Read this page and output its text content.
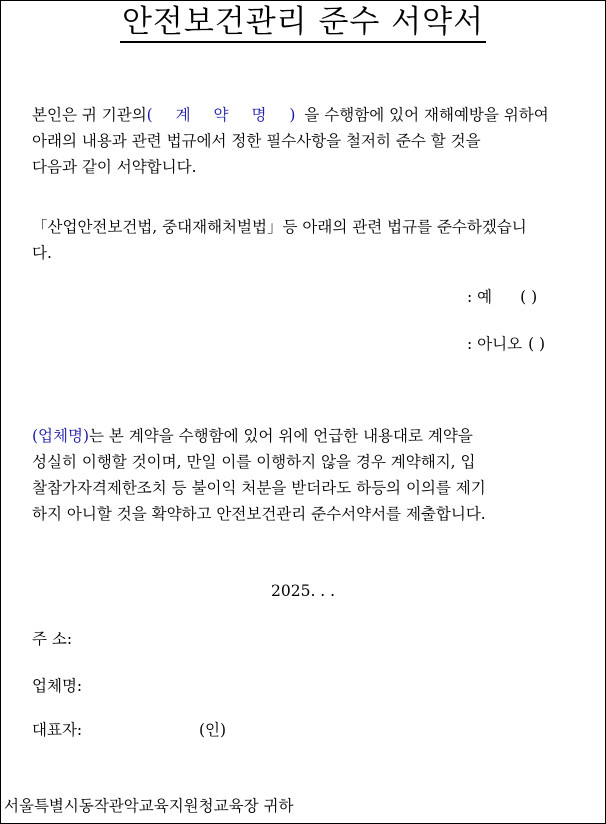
안전보건관리 준수 서약서
본인은 귀 기관의( 계 약 명 )을 수행함에 있어 재해예방을 위하여
아래의 내용과 관련 법규에서 정한 필수사항을 철저히 준수 할 것을
다음과 같이 서약합니다.
「산업안전보건법, 중대재해처벌법」등 아래의 관련 법규를 준수하겠습니
다.
: 예 ( )
: 아니오 ( )
(업체명)는 본 계약을 수행함에 있어 위에 언급한 내용대로 계약을
성실히 이행할 것이며, 만일 이를 이행하지 않을 경우 계약해지, 입
찰참가자격제한조치 등 불이익 처분을 받더라도 하등의 이의를 제기
하지 아니할 것을 확약하고 안전보건관리 준수서약서를 제출합니다.
2025. . .
주 소:
업체명:
대표자:	(인)
서울특별시동작관악교육지원청교육장 귀하
